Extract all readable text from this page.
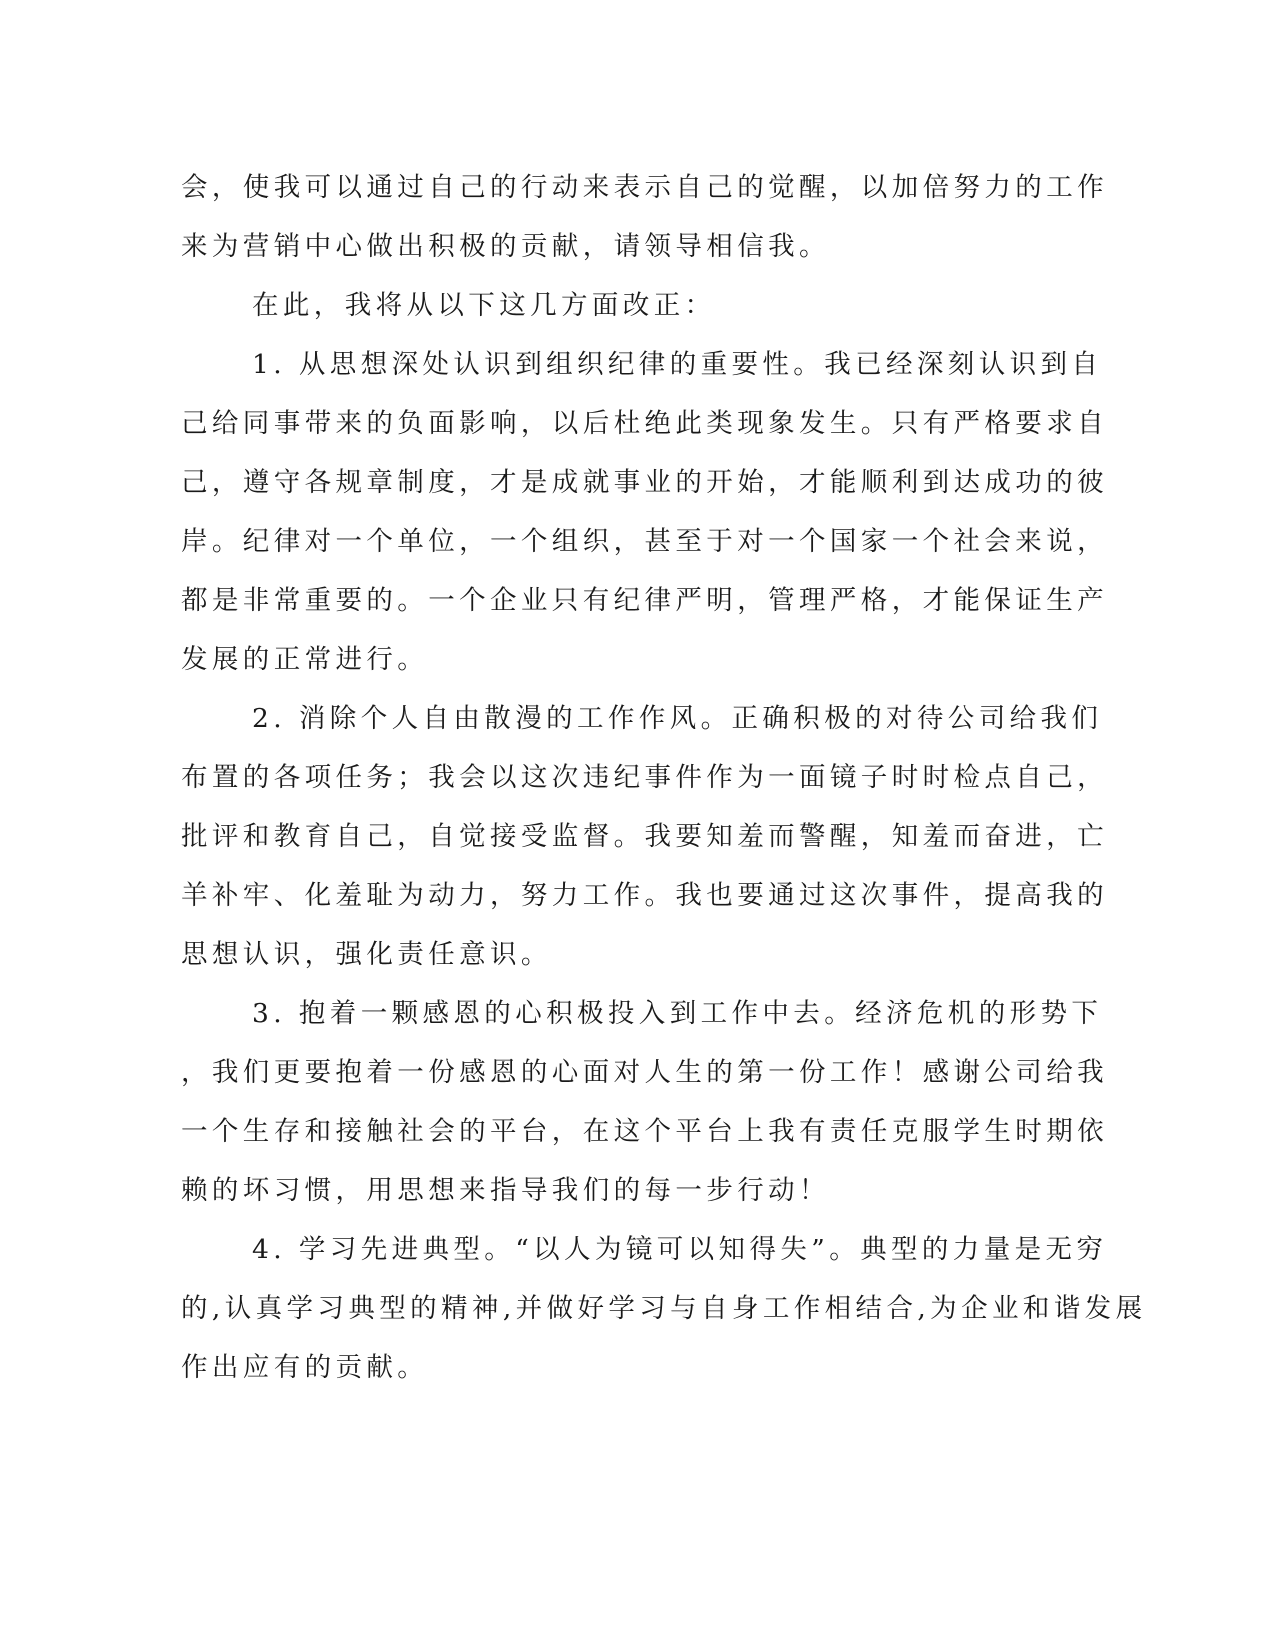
会，使我可以通过自己的行动来表示自己的觉醒，以加倍努力的工作

来为营销中心做出积极的贡献，请领导相信我。

在此，我将从以下这几方面改正：

1. 从思想深处认识到组织纪律的重要性。我已经深刻认识到自

己给同事带来的负面影响，以后杜绝此类现象发生。只有严格要求自

己，遵守各规章制度，才是成就事业的开始，才能顺利到达成功的彼

岸。纪律对一个单位，一个组织，甚至于对一个国家一个社会来说，

都是非常重要的。一个企业只有纪律严明，管理严格，才能保证生产

发展的正常进行。

2. 消除个人自由散漫的工作作风。正确积极的对待公司给我们

布置的各项任务；我会以这次违纪事件作为一面镜子时时检点自己，

批评和教育自己，自觉接受监督。我要知羞而警醒，知羞而奋进，亡

羊补牢、化羞耻为动力，努力工作。我也要通过这次事件，提高我的

思想认识，强化责任意识。

3. 抱着一颗感恩的心积极投入到工作中去。经济危机的形势下

，我们更要抱着一份感恩的心面对人生的第一份工作！感谢公司给我

一个生存和接触社会的平台，在这个平台上我有责任克服学生时期依

赖的坏习惯，用思想来指导我们的每一步行动！

4. 学习先进典型。“以人为镜可以知得失”。典型的力量是无穷

的,认真学习典型的精神,并做好学习与自身工作相结合,为企业和谐发展

作出应有的贡献。
